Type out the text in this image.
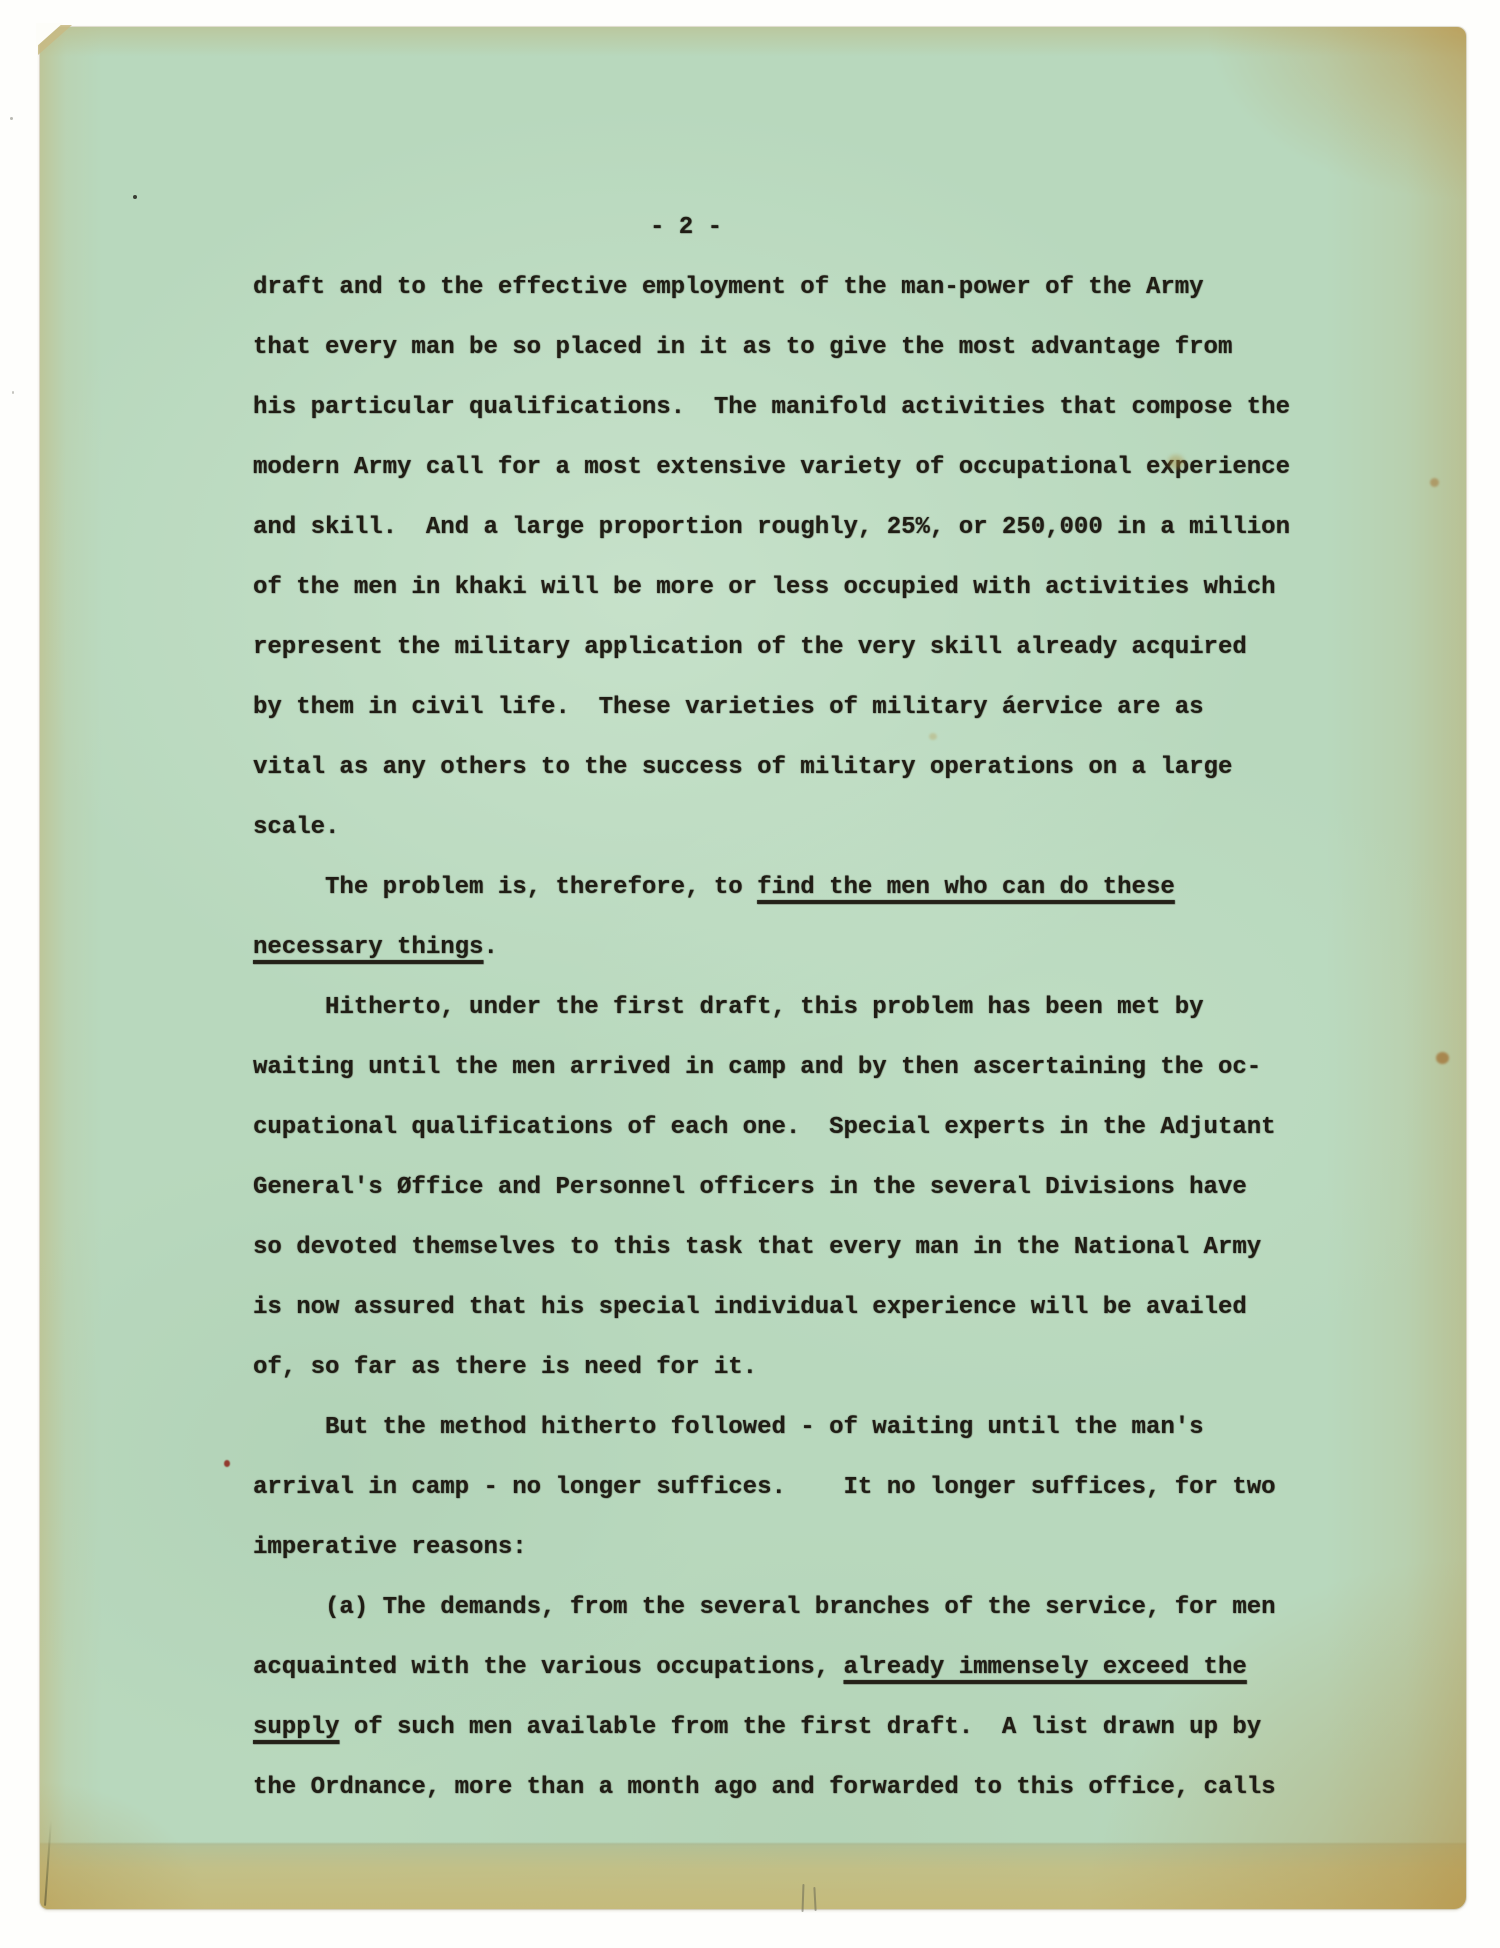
- 2 -
draft and to the effective employment of the man-power of the Army
that every man be so placed in it as to give the most advantage from
his particular qualifications.  The manifold activities that compose the
modern Army call for a most extensive variety of occupational experience
and skill.  And a large proportion roughly, 25%, or 250,000 in a million
of the men in khaki will be more or less occupied with activities which
represent the military application of the very skill already acquired
by them in civil life.  These varieties of military áervice are as
vital as any others to the success of military operations on a large
scale.
The problem is, therefore, to find the men who can do these
necessary things.
Hitherto, under the first draft, this problem has been met by
waiting until the men arrived in camp and by then ascertaining the oc-
cupational qualifications of each one.  Special experts in the Adjutant
General's Øffice and Personnel officers in the several Divisions have
so devoted themselves to this task that every man in the National Army
is now assured that his special individual experience will be availed
of, so far as there is need for it.
But the method hitherto followed - of waiting until the man's
arrival in camp - no longer suffices.    It no longer suffices, for two
imperative reasons:
(a) The demands, from the several branches of the service, for men
acquainted with the various occupations, already immensely exceed the
supply of such men available from the first draft.  A list drawn up by
the Ordnance, more than a month ago and forwarded to this office, calls
